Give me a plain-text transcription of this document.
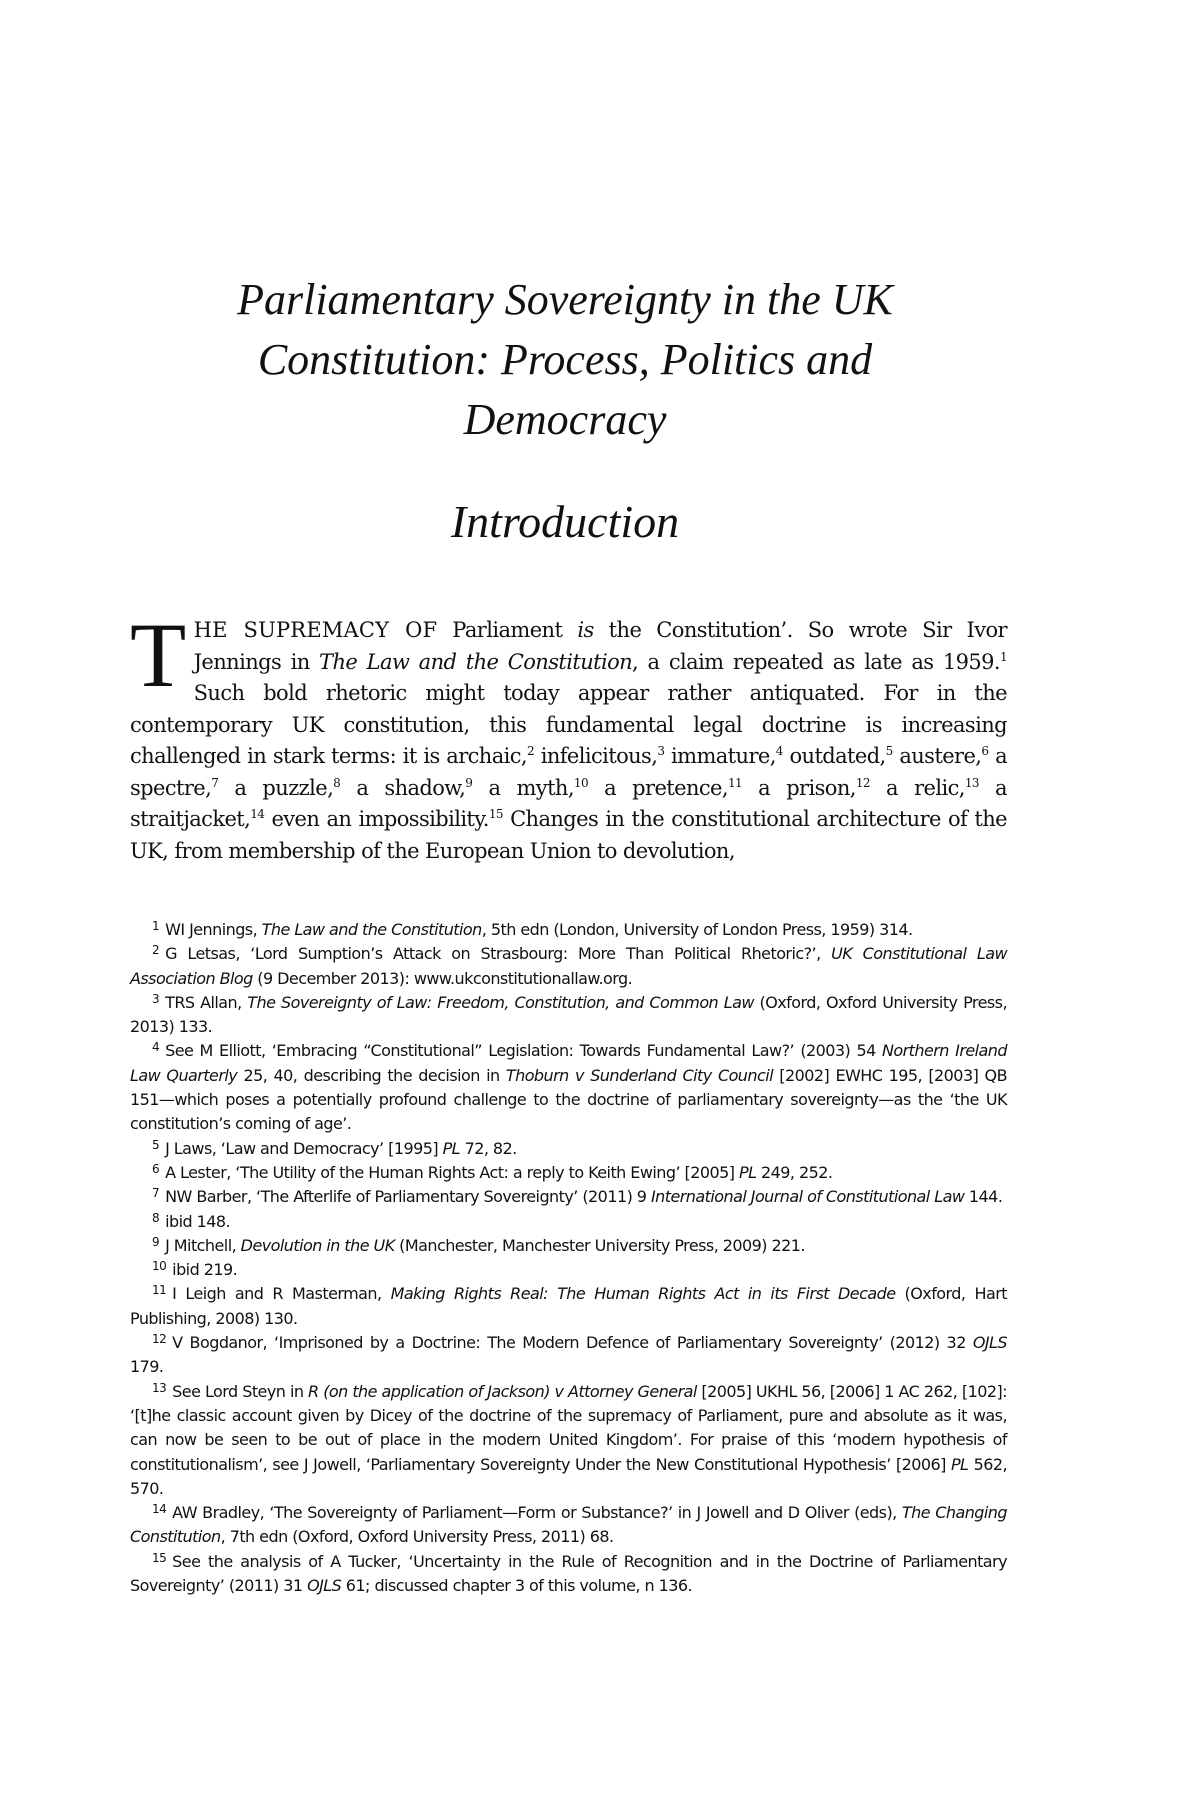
Parliamentary Sovereignty in the UK
Constitution: Process, Politics and
Democracy
Introduction

THE SUPREMACY OF Parliament is the Constitution’. So wrote Sir Ivor Jennings in The Law and the Constitution, a claim repeated as late as 1959.$^1$ Such bold rhetoric might today appear rather antiquated. For in the contemporary UK constitution, this fundamental legal doctrine is increasing challenged in stark terms: it is archaic,$^2$ infelicitous,$^3$ immature,$^4$ outdated,$^5$ austere,$^6$ a spectre,$^7$ a puzzle,$^8$ a shadow,$^9$ a myth,$^{10}$ a pretence,$^{11}$ a prison,$^{12}$ a relic,$^{13}$ a straitjacket,$^{14}$ even an impossibility.$^{15}$ Changes in the constitutional architecture of the UK, from membership of the European Union to devolution,

$^1$ WI Jennings, The Law and the Constitution, 5th edn (London, University of London Press, 1959) 314.

$^2$ G Letsas, ‘Lord Sumption’s Attack on Strasbourg: More Than Political Rhetoric?’, UK Constitutional Law Association Blog (9 December 2013): www.ukconstitutionallaw.org.

$^3$ TRS Allan, The Sovereignty of Law: Freedom, Constitution, and Common Law (Oxford, Oxford University Press, 2013) 133.

$^4$ See M Elliott, ‘Embracing “Constitutional” Legislation: Towards Fundamental Law?’ (2003) 54 Northern Ireland Law Quarterly 25, 40, describing the decision in Thoburn v Sunderland City Council [2002] EWHC 195, [2003] QB 151—which poses a potentially profound challenge to the doctrine of parliamentary sovereignty—as the ‘the UK constitution’s coming of age’.

$^5$ J Laws, ‘Law and Democracy’ [1995] PL 72, 82.

$^6$ A Lester, ‘The Utility of the Human Rights Act: a reply to Keith Ewing’ [2005] PL 249, 252.

$^7$ NW Barber, ‘The Afterlife of Parliamentary Sovereignty’ (2011) 9 International Journal of Constitutional Law 144.

$^8$ ibid 148.

$^9$ J Mitchell, Devolution in the UK (Manchester, Manchester University Press, 2009) 221.

$^{10}$ ibid 219.

$^{11}$ I Leigh and R Masterman, Making Rights Real: The Human Rights Act in its First Decade (Oxford, Hart Publishing, 2008) 130.

$^{12}$ V Bogdanor, ‘Imprisoned by a Doctrine: The Modern Defence of Parliamentary Sovereignty’ (2012) 32 OJLS 179.

$^{13}$ See Lord Steyn in R (on the application of Jackson) v Attorney General [2005] UKHL 56, [2006] 1 AC 262, [102]: ‘[t]he classic account given by Dicey of the doctrine of the supremacy of Parliament, pure and absolute as it was, can now be seen to be out of place in the modern United Kingdom’. For praise of this ‘modern hypothesis of constitutionalism’, see J Jowell, ‘Parliamentary Sovereignty Under the New Constitutional Hypothesis’ [2006] PL 562, 570.

$^{14}$ AW Bradley, ‘The Sovereignty of Parliament—Form or Substance?’ in J Jowell and D Oliver (eds), The Changing Constitution, 7th edn (Oxford, Oxford University Press, 2011) 68.

$^{15}$ See the analysis of A Tucker, ‘Uncertainty in the Rule of Recognition and in the Doctrine of Parliamentary Sovereignty’ (2011) 31 OJLS 61; discussed chapter 3 of this volume, n 136.
